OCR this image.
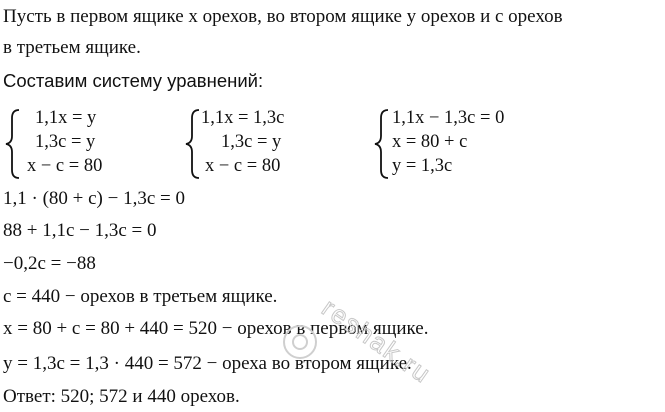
Пусть в первом ящике x орехов, во втором ящике y орехов и c орехов
в третьем ящике.
Составим систему уравнений:
1,1x = y
1,3c = y
x − c = 80
1,1x = 1,3c
1,3c = y
x − c = 80
1,1x − 1,3c = 0
x = 80 + c
y = 1,3c
1,1 · (80 + c) − 1,3c = 0
88 + 1,1c − 1,3c = 0
−0,2c = −88
c = 440 − орехов в третьем ящике.
x = 80 + c = 80 + 440 = 520 − орехов в первом ящике.
y = 1,3c = 1,3 · 440 = 572 − ореха во втором ящике.
Ответ: 520; 572 и 440 орехов.
reshak.ru
